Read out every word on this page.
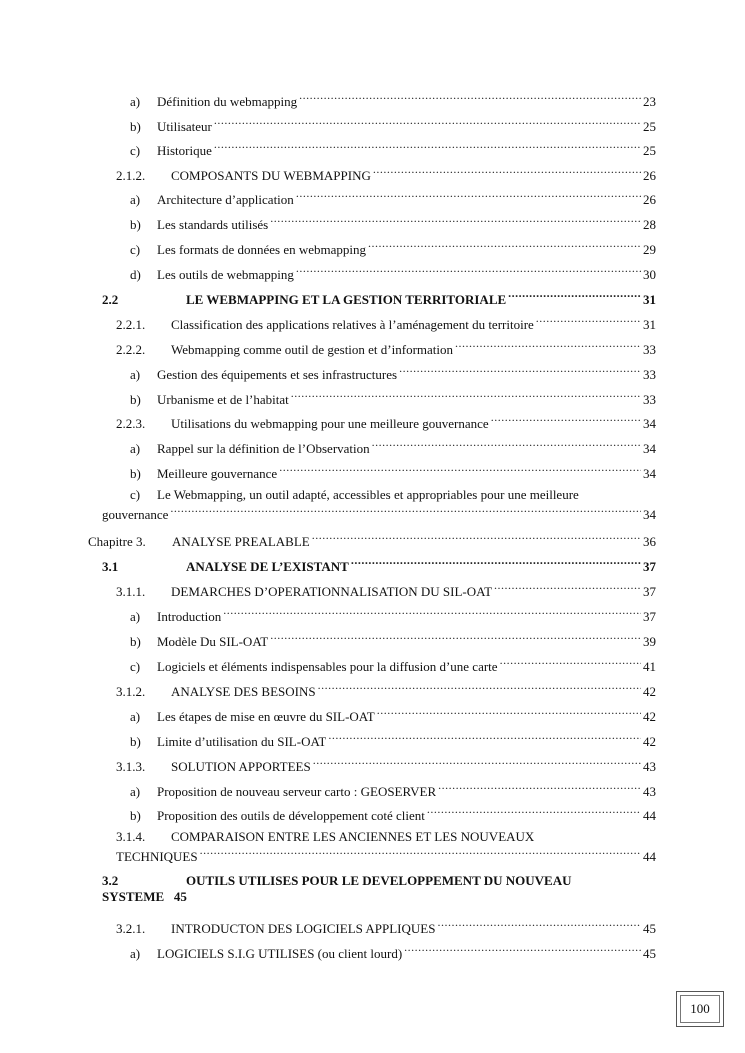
a)	Définition du webmapping .....	23
b)	Utilisateur .....	25
c)	Historique .....	25
2.1.2.	COMPOSANTS DU WEBMAPPING .....	26
a)	Architecture d’application .....	26
b)	Les standards utilisés .....	28
c)	Les formats de données en webmapping .....	29
d)	Les outils de webmapping .....	30
2.2	LE WEBMAPPING ET LA GESTION TERRITORIALE .....	31
2.2.1.	Classification des applications relatives à l’aménagement du territoire .....	31
2.2.2.	Webmapping comme outil de gestion et d’information .....	33
a)	Gestion des équipements et ses infrastructures .....	33
b)	Urbanisme et de l’habitat .....	33
2.2.3.	Utilisations du webmapping pour une meilleure gouvernance .....	34
a)	Rappel sur la définition de l’Observation .....	34
b)	Meilleure gouvernance .....	34
c) Le Webmapping, un outil adapté, accessibles et appropriables pour une meilleure
gouvernance .....	34
Chapitre 3.	ANALYSE PREALABLE .....	36
3.1	ANALYSE DE L’EXISTANT .....	37
3.1.1.	DEMARCHES D’OPERATIONNALISATION DU SIL-OAT .....	37
a)	Introduction .....	37
b)	Modèle Du SIL-OAT .....	39
c)	Logiciels et éléments indispensables pour la diffusion d’une carte .....	41
3.1.2.	ANALYSE DES BESOINS .....	42
a)	Les étapes de mise en œuvre du SIL-OAT .....	42
b)	Limite d’utilisation du SIL-OAT .....	42
3.1.3.	SOLUTION APPORTEES .....	43
a)	Proposition de nouveau serveur carto : GEOSERVER .....	43
b)	Proposition des outils de développement coté client .....	44
3.1.4. COMPARAISON ENTRE LES ANCIENNES ET LES NOUVEAUX
TECHNIQUES .....	44
3.2	OUTILS UTILISES POUR LE DEVELOPPEMENT DU NOUVEAU
SYSTEME 45
3.2.1.	INTRODUCTON DES LOGICIELS APPLIQUES .....	45
a)	LOGICIELS S.I.G UTILISES (ou client lourd) .....	45
100
